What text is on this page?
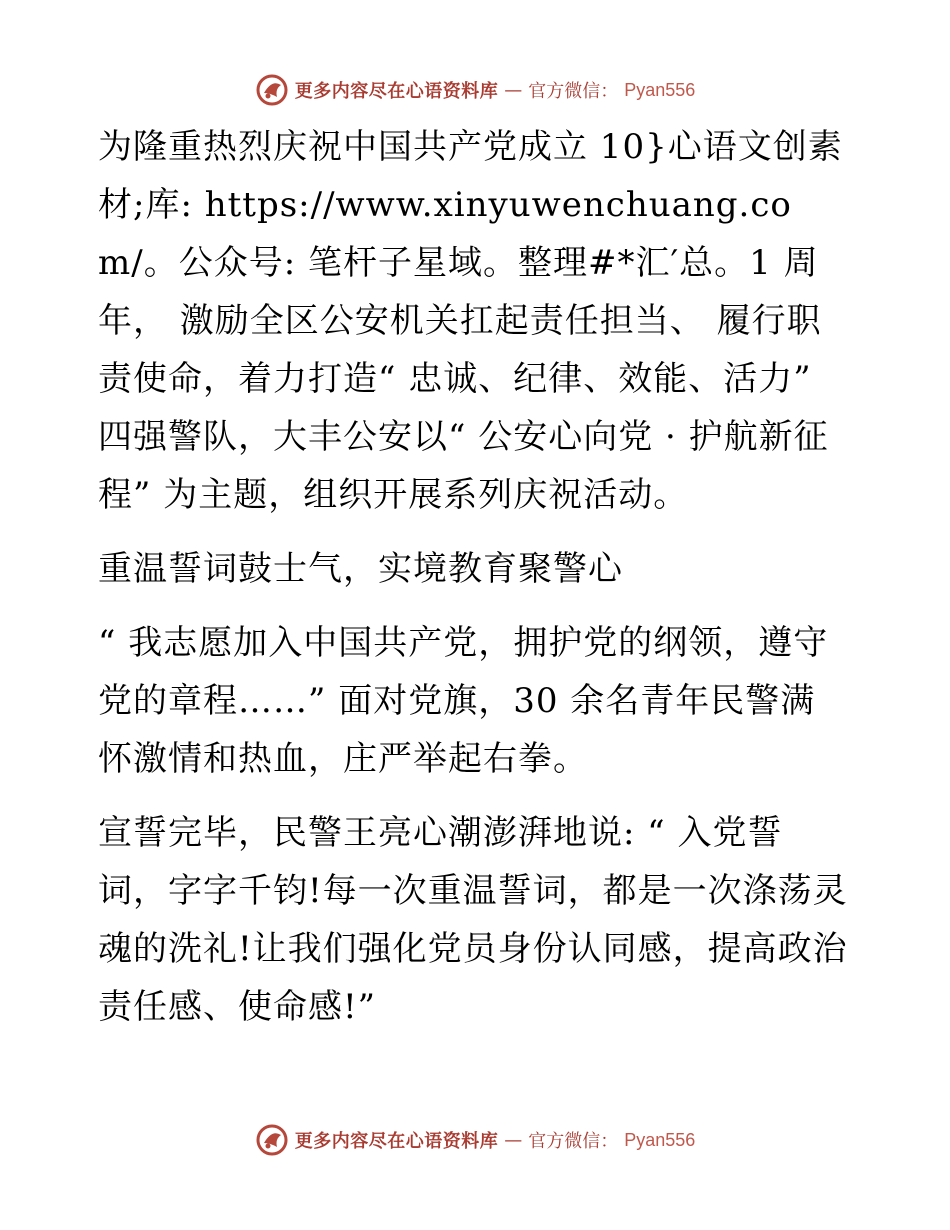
更多内容尽在心语资料库 — 官方微信： Pyan556

为隆重热烈庆祝中国共产党成立 10}心语文创素材;库: https://www.xinyuwenchuang.com/。公众号: 笔杆子星域。整理#*汇′总。1 周年， 激励全区公安机关扛起责任担当、 履行职责使命，着力打造“ 忠诚、纪律、效能、活力” 四强警队，大丰公安以“ 公安心向党 · 护航新征程” 为主题，组织开展系列庆祝活动。

重温誓词鼓士气，实境教育聚警心

“ 我志愿加入中国共产党，拥护党的纲领，遵守党的章程……” 面对党旗，30 余名青年民警满怀激情和热血，庄严举起右拳。

宣誓完毕，民警王亮心潮澎湃地说: “ 入党誓词，字字千钧!每一次重温誓词，都是一次涤荡灵魂的洗礼!让我们强化党员身份认同感，提高政治责任感、使命感!”

更多内容尽在心语资料库 — 官方微信： Pyan556
